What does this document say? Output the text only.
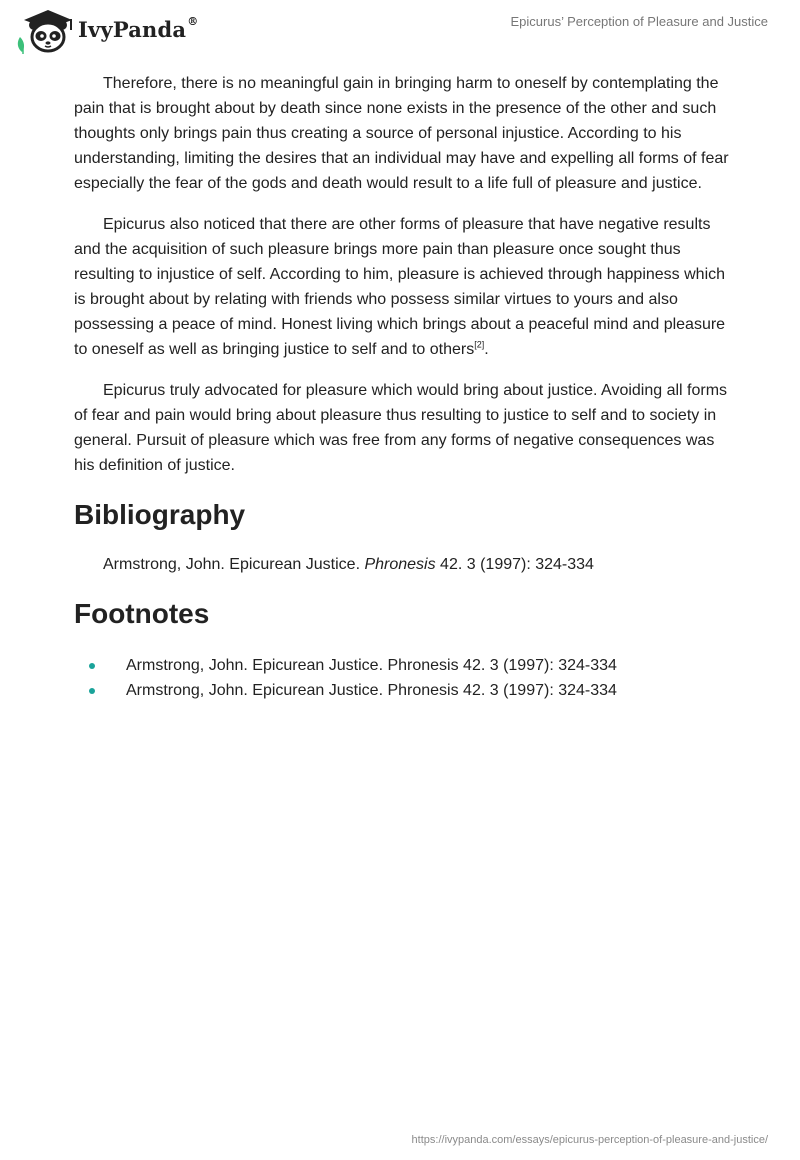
IvyPanda®	Epicurus’ Perception of Pleasure and Justice

Therefore, there is no meaningful gain in bringing harm to oneself by contemplating the pain that is brought about by death since none exists in the presence of the other and such thoughts only brings pain thus creating a source of personal injustice. According to his understanding, limiting the desires that an individual may have and expelling all forms of fear especially the fear of the gods and death would result to a life full of pleasure and justice.

Epicurus also noticed that there are other forms of pleasure that have negative results and the acquisition of such pleasure brings more pain than pleasure once sought thus resulting to injustice of self. According to him, pleasure is achieved through happiness which is brought about by relating with friends who possess similar virtues to yours and also possessing a peace of mind. Honest living which brings about a peaceful mind and pleasure to oneself as well as bringing justice to self and to others[2].

Epicurus truly advocated for pleasure which would bring about justice. Avoiding all forms of fear and pain would bring about pleasure thus resulting to justice to self and to society in general. Pursuit of pleasure which was free from any forms of negative consequences was his definition of justice.

Bibliography

Armstrong, John. Epicurean Justice. Phronesis 42. 3 (1997): 324-334

Footnotes
Armstrong, John. Epicurean Justice. Phronesis 42. 3 (1997): 324-334
Armstrong, John. Epicurean Justice. Phronesis 42. 3 (1997): 324-334
https://ivypanda.com/essays/epicurus-perception-of-pleasure-and-justice/
